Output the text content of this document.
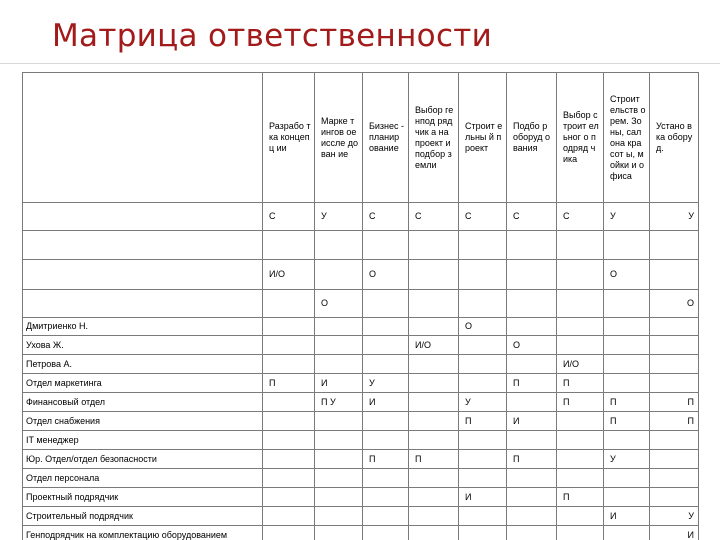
Матрица ответственности

	Разрабо тка концепц ии	Марке тингов ое иссле дован ие	Бизнес - планир ование	Выбор генпод рядчик а на проект и подбор земли	Строит ельны й проект	Подбо р оборуд ования	Выбор строит ельног о подряд чика	Строит ельств о рем. Зоны, салона красот ы, мойки и офиса	Устано вка оборуд.

	С	У	С	С	С	С	С	У	У

	И/О		О					О	
		О							О
Дмитриенко Н.					О				
Ухова Ж.				И/О		О			
Петрова А.							И/О		
Отдел маркетинга	П	И	У			П	П		
Финансовый отдел		П У	И		У		П	П	П
Отдел снабжения					П	И		П	П
IT менеджер									
Юр. Отдел/отдел безопасности			П	П		П		У	
Отдел персонала									
Проектный подрядчик					И		П		
Строительный подрядчик								И	У
Генподрядчик на комплектацию оборудованием									И
